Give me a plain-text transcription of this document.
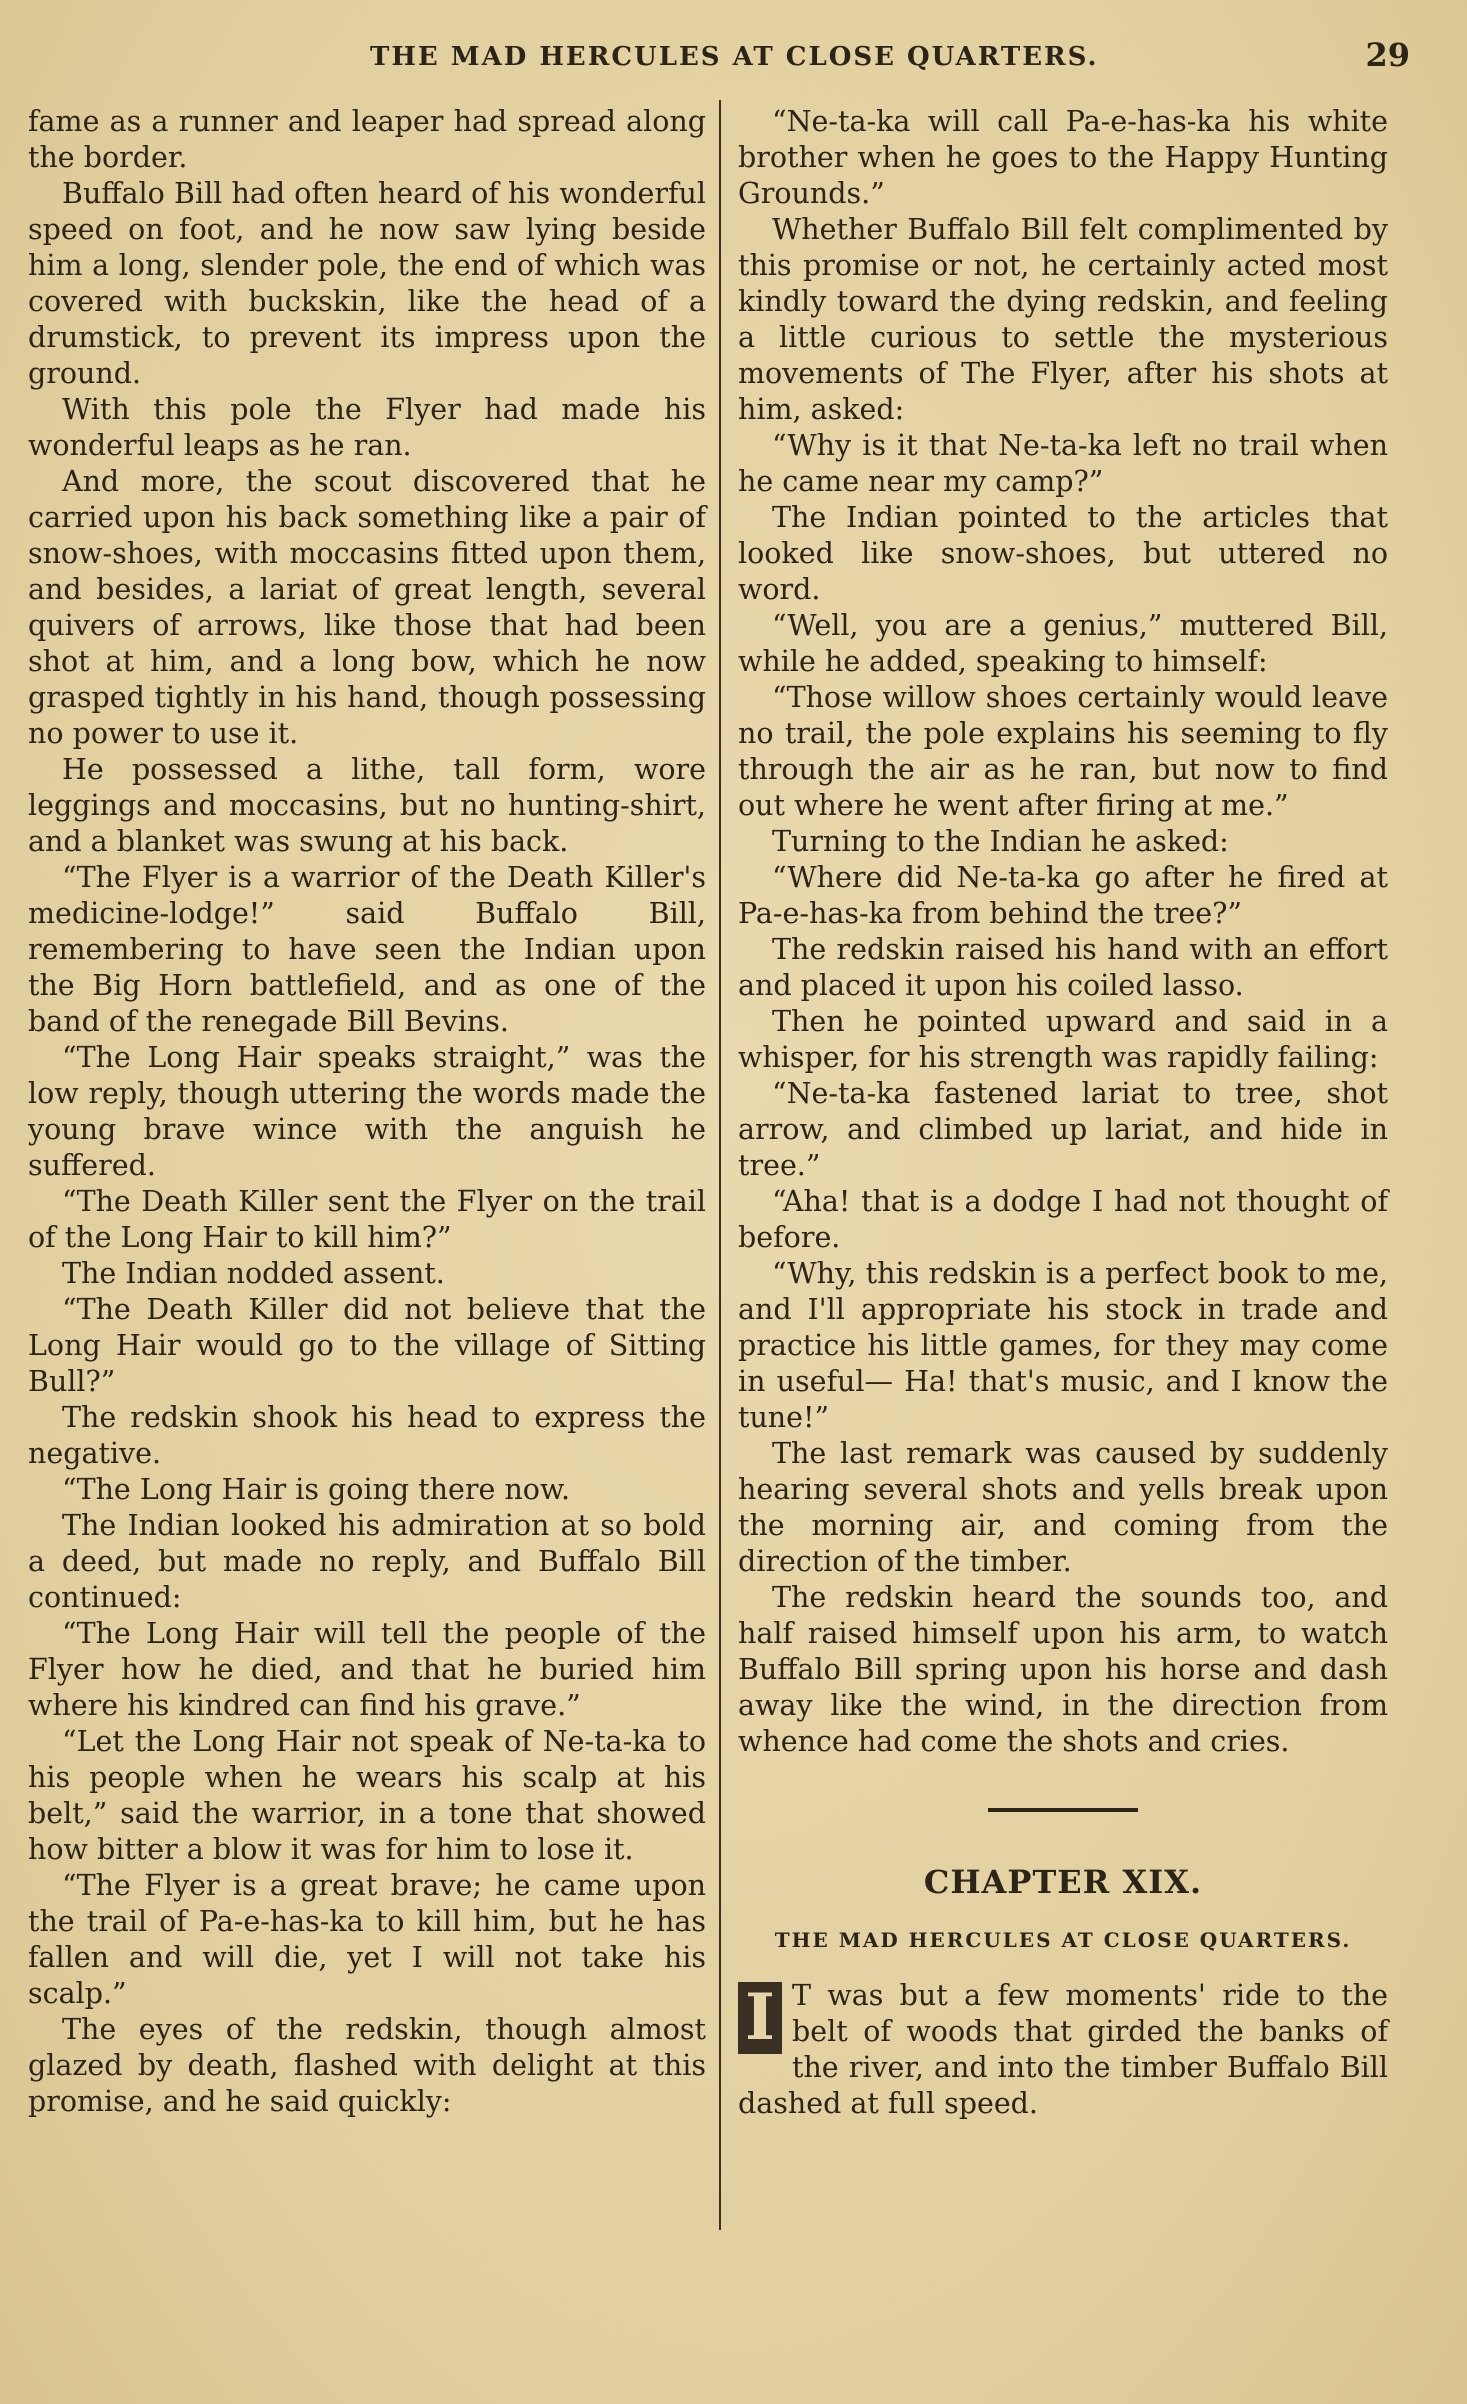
THE MAD HERCULES AT CLOSE QUARTERS.	29

fame as a runner and leaper had spread along the border.

Buffalo Bill had often heard of his wonderful speed on foot, and he now saw lying beside him a long, slender pole, the end of which was covered with buckskin, like the head of a drumstick, to prevent its impress upon the ground.

With this pole the Flyer had made his wonderful leaps as he ran.

And more, the scout discovered that he carried upon his back something like a pair of snow-shoes, with moccasins fitted upon them, and besides, a lariat of great length, several quivers of arrows, like those that had been shot at him, and a long bow, which he now grasped tightly in his hand, though possessing no power to use it.

He possessed a lithe, tall form, wore leggings and moccasins, but no hunting-shirt, and a blanket was swung at his back.

“The Flyer is a warrior of the Death Killer's medicine-lodge!” said Buffalo Bill, remembering to have seen the Indian upon the Big Horn battlefield, and as one of the band of the renegade Bill Bevins.

“The Long Hair speaks straight,” was the low reply, though uttering the words made the young brave wince with the anguish he suffered.

“The Death Killer sent the Flyer on the trail of the Long Hair to kill him?”

The Indian nodded assent.

“The Death Killer did not believe that the Long Hair would go to the village of Sitting Bull?”

The redskin shook his head to express the negative.

“The Long Hair is going there now.

The Indian looked his admiration at so bold a deed, but made no reply, and Buffalo Bill continued:

“The Long Hair will tell the people of the Flyer how he died, and that he buried him where his kindred can find his grave.”

“Let the Long Hair not speak of Ne-ta-ka to his people when he wears his scalp at his belt,” said the warrior, in a tone that showed how bitter a blow it was for him to lose it.

“The Flyer is a great brave; he came upon the trail of Pa-e-has-ka to kill him, but he has fallen and will die, yet I will not take his scalp.”

The eyes of the redskin, though almost glazed by death, flashed with delight at this promise, and he said quickly:

“Ne-ta-ka will call Pa-e-has-ka his white brother when he goes to the Happy Hunting Grounds.”

Whether Buffalo Bill felt complimented by this promise or not, he certainly acted most kindly toward the dying redskin, and feeling a little curious to settle the mysterious movements of The Flyer, after his shots at him, asked:

“Why is it that Ne-ta-ka left no trail when he came near my camp?”

The Indian pointed to the articles that looked like snow-shoes, but uttered no word.

“Well, you are a genius,” muttered Bill, while he added, speaking to himself:

“Those willow shoes certainly would leave no trail, the pole explains his seeming to fly through the air as he ran, but now to find out where he went after firing at me.”

Turning to the Indian he asked:

“Where did Ne-ta-ka go after he fired at Pa-e-has-ka from behind the tree?”

The redskin raised his hand with an effort and placed it upon his coiled lasso.

Then he pointed upward and said in a whisper, for his strength was rapidly failing:

“Ne-ta-ka fastened lariat to tree, shot arrow, and climbed up lariat, and hide in tree.”

“Aha! that is a dodge I had not thought of before.

“Why, this redskin is a perfect book to me, and I'll appropriate his stock in trade and practice his little games, for they may come in useful— Ha! that's music, and I know the tune!”

The last remark was caused by suddenly hearing several shots and yells break upon the morning air, and coming from the direction of the timber.

The redskin heard the sounds too, and half raised himself upon his arm, to watch Buffalo Bill spring upon his horse and dash away like the wind, in the direction from whence had come the shots and cries.

CHAPTER XIX.
THE MAD HERCULES AT CLOSE QUARTERS.

I T was but a few moments' ride to the belt of woods that girded the banks of the river, and into the timber Buffalo Bill dashed at full speed.
